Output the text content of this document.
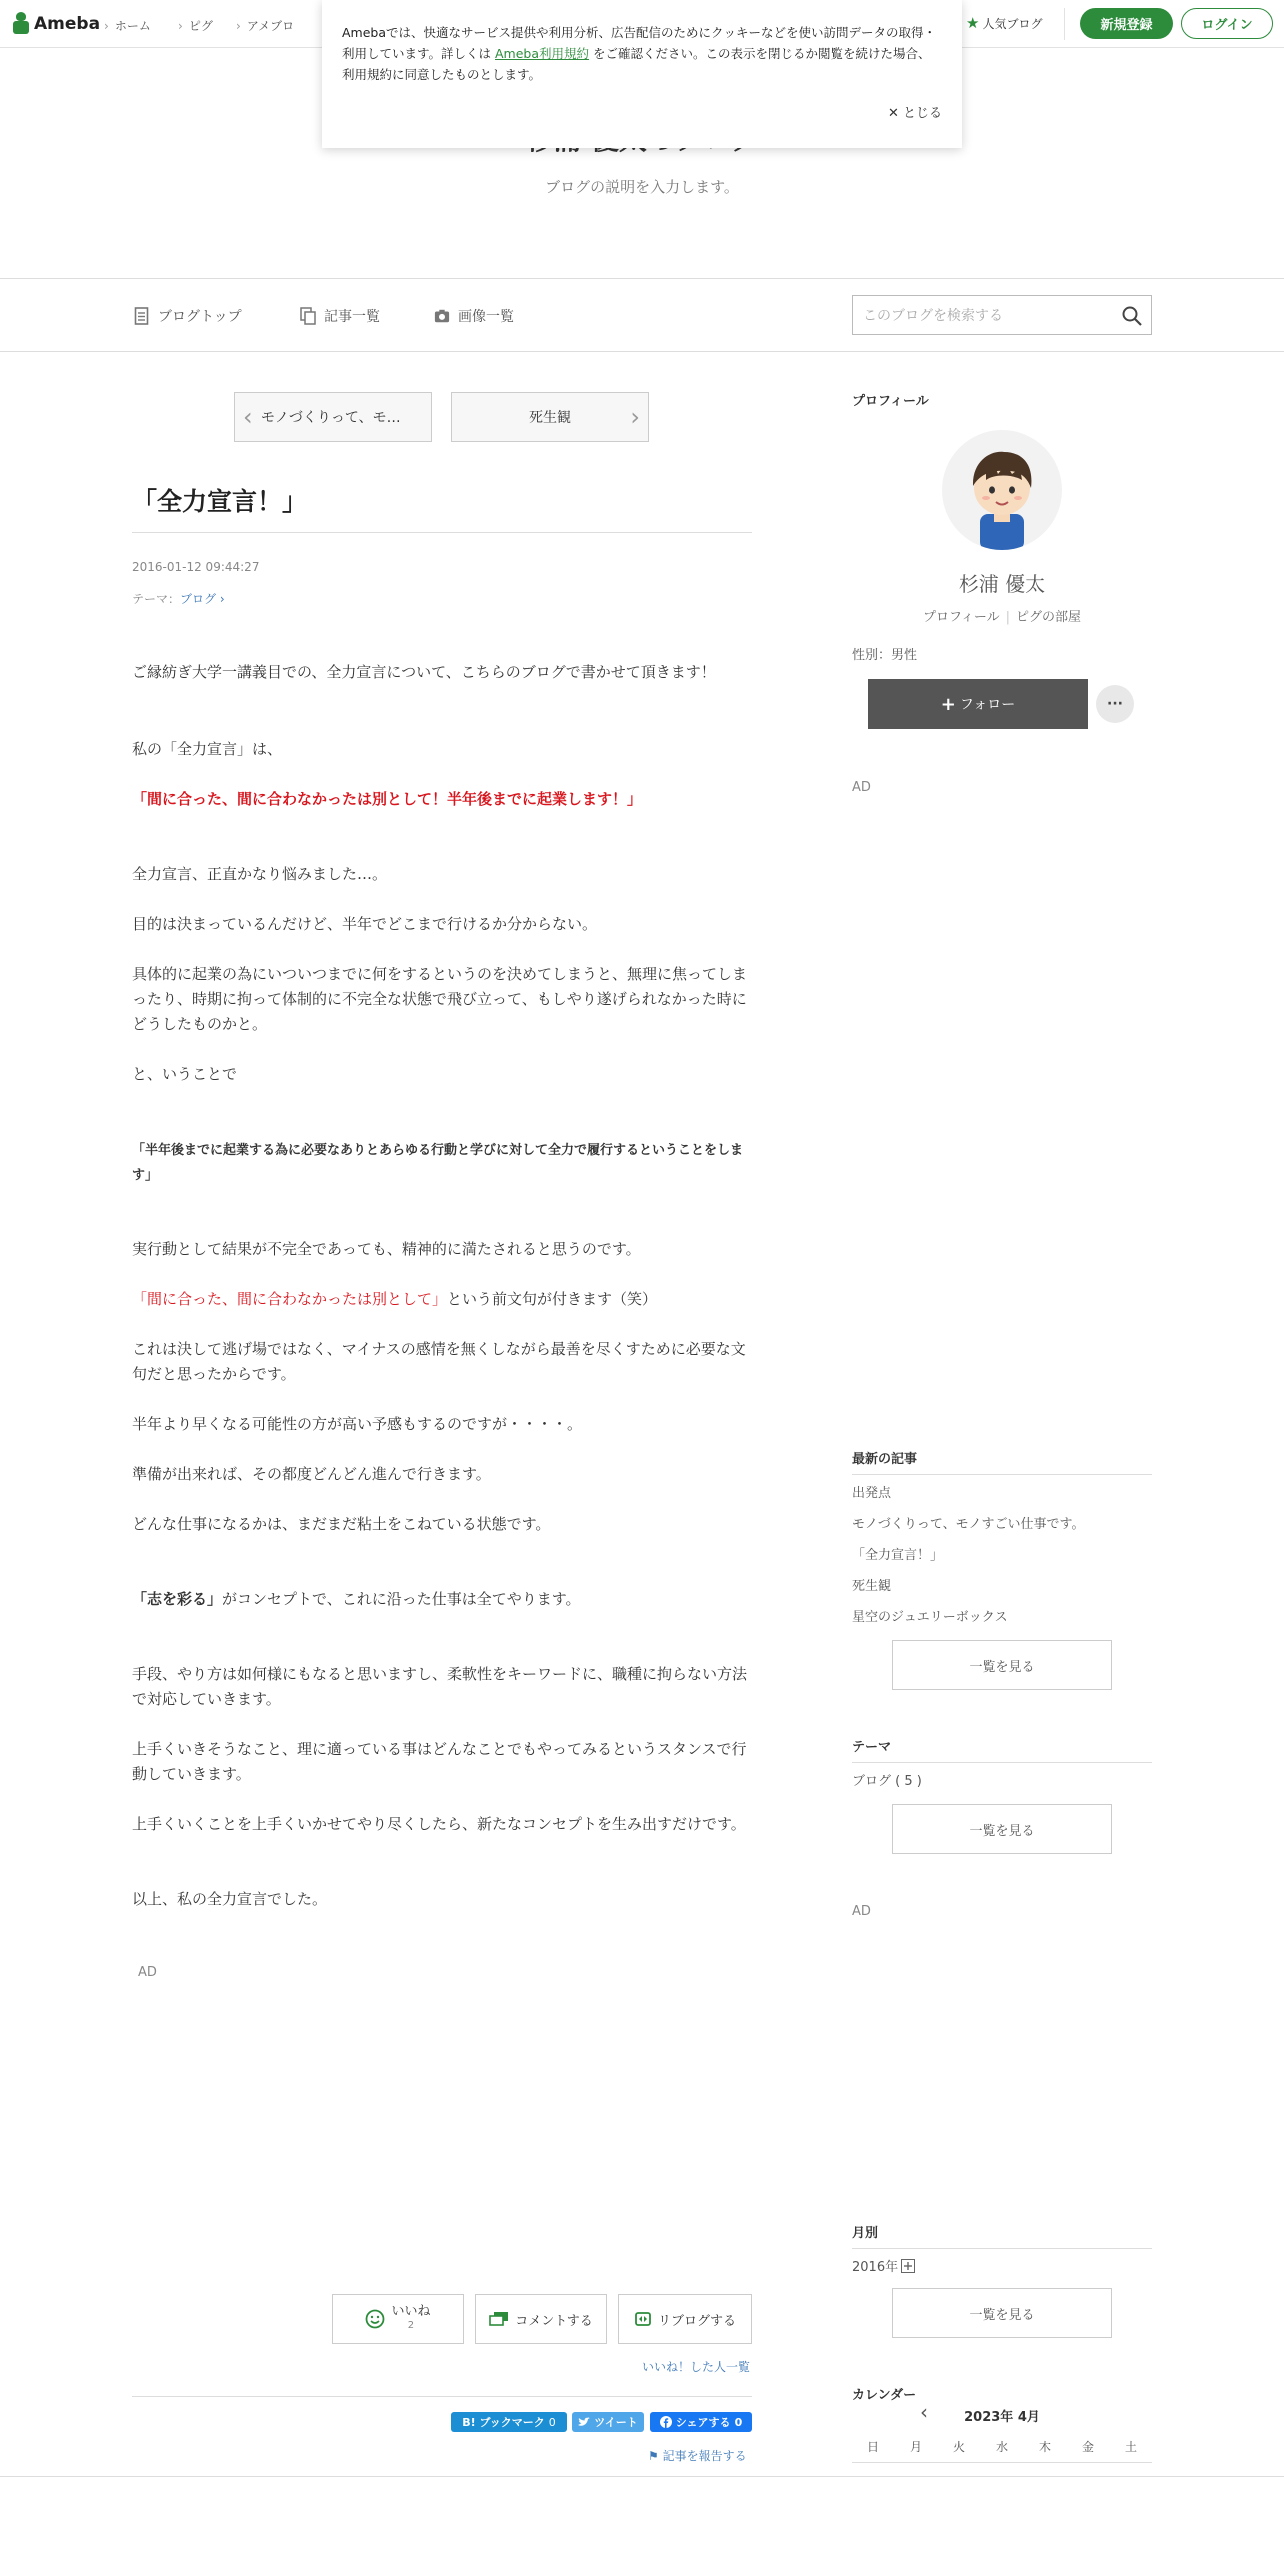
Ameba	› ホーム	› ピグ	› アメブロ	★ 人気ブログ	新規登録	ログイン

Amebaでは、快適なサービス提供や利用分析、広告配信のためにクッキーなどを使い訪問データの取得・利用しています。詳しくは Ameba利用規約 をご確認ください。この表示を閉じるか閲覧を続けた場合、利用規約に同意したものとします。

✕ とじる
ブログの説明を入力します。
ブログトップ	記事一覧	画像一覧
このブログを検索する
‹ モノづくりって、モ…	死生観 ›
「全力宣言！」
2016-01-12 09:44:27
テーマ：ブログ ›

ご縁紡ぎ大学一講義目での、全力宣言について、こちらのブログで書かせて頂きます！

私の「全力宣言」は、

「間に合った、間に合わなかったは別として！半年後までに起業します！」

全力宣言、正直かなり悩みました…。

目的は決まっているんだけど、半年でどこまで行けるか分からない。

具体的に起業の為にいついつまでに何をするというのを決めてしまうと、無理に焦ってしまったり、時期に拘って体制的に不完全な状態で飛び立って、もしやり遂げられなかった時にどうしたものかと。

と、いうことで

「半年後までに起業する為に必要なありとあらゆる行動と学びに対して全力で履行するということをします」

実行動として結果が不完全であっても、精神的に満たされると思うのです。

「間に合った、間に合わなかったは別として」という前文句が付きます（笑）

これは決して逃げ場ではなく、マイナスの感情を無くしながら最善を尽くすために必要な文句だと思ったからです。

半年より早くなる可能性の方が高い予感もするのですが・・・・。

準備が出来れば、その都度どんどん進んで行きます。

どんな仕事になるかは、まだまだ粘土をこねている状態です。

「志を彩る」がコンセプトで、これに沿った仕事は全てやります。

手段、やり方は如何様にもなると思いますし、柔軟性をキーワードに、職種に拘らない方法で対応していきます。

上手くいきそうなこと、理に適っている事はどんなことでもやってみるというスタンスで行動していきます。

上手くいくことを上手くいかせてやり尽くしたら、新たなコンセプトを生み出すだけです。

以上、私の全力宣言でした。

AD
いいね
2	コメントする	リブログする
いいね！した人一覧
B! ブックマーク 0	ツイート	シェアする 0
⚑ 記事を報告する
プロフィール
杉浦 優太
プロフィール | ピグの部屋
性別：男性
+ フォロー	···
AD
最新の記事
出発点
モノづくりって、モノすごい仕事です。
「全力宣言！」
死生観
星空のジュエリーボックス
一覧を見る
テーマ
ブログ ( 5 )
一覧を見る
AD
月別
2016年
一覧を見る
カレンダー
‹	2023年 4月
日	月	火	水	木	金	土
